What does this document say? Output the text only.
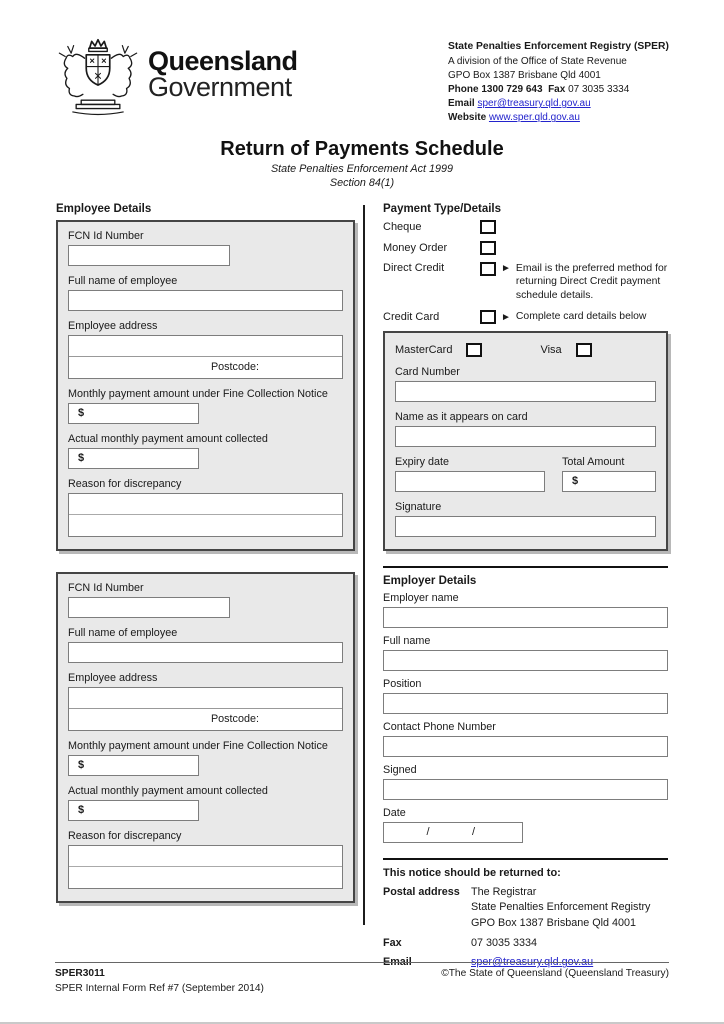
Queensland
Government
State Penalties Enforcement Registry (SPER)
A division of the Office of State Revenue
GPO Box 1387 Brisbane Qld 4001
Phone 1300 729 643 Fax 07 3035 3334
Email sper@treasury.qld.gov.au
Website www.sper.qld.gov.au
Return of Payments Schedule
State Penalties Enforcement Act 1999
Section 84(1)
Employee Details
FCN Id Number
Full name of employee
Employee address
Postcode:
Monthly payment amount under Fine Collection Notice
$
Actual monthly payment amount collected
$
Reason for discrepancy
FCN Id Number
Full name of employee
Employee address
Postcode:
Monthly payment amount under Fine Collection Notice
$
Actual monthly payment amount collected
$
Reason for discrepancy
Payment Type/Details
Cheque
Money Order
Direct Credit	► Email is the preferred method for returning Direct Credit payment schedule details.
Credit Card	► Complete card details below
MasterCard	Visa
Card Number
Name as it appears on card
Expiry date	Total Amount
$
Signature
Employer Details
Employer name
Full name
Position
Contact Phone Number
Signed
Date
/	/
This notice should be returned to:
Postal address	The Registrar
State Penalties Enforcement Registry
GPO Box 1387 Brisbane Qld 4001
Fax	07 3035 3334
Email	sper@treasury.qld.gov.au
SPER3011
SPER Internal Form Ref #7 (September 2014)
©The State of Queensland (Queensland Treasury)
